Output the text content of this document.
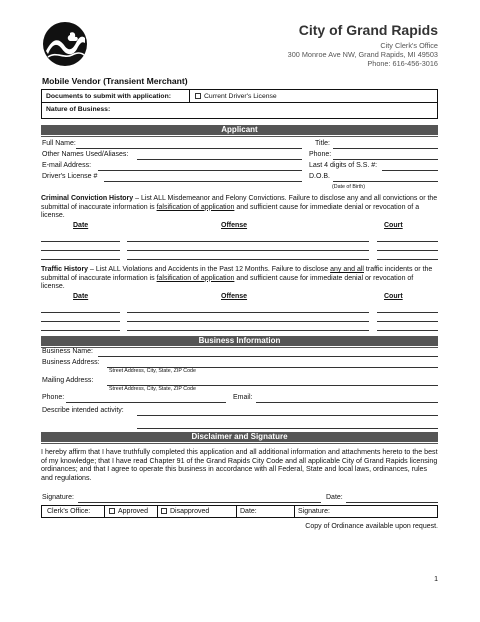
City of Grand Rapids
City Clerk's Office
300 Monroe Ave NW, Grand Rapids, MI 49503
Phone: 616-456-3016
Mobile Vendor (Transient Merchant)
Documents to submit with application:	Current Driver's License
Nature of Business:
Applicant
Full Name:	Title:
Other Names Used/Aliases:	Phone:
E-mail Address:	Last 4 digits of S.S. #:
Driver's License #	D.O.B.
(Date of Birth)
Criminal Conviction History – List ALL Misdemeanor and Felony Convictions. Failure to disclose any and all convictions or the submittal of inaccurate information is falsification of application and sufficient cause for immediate denial or revocation of a license.
Date	Offense	Court
Traffic History – List ALL Violations and Accidents in the Past 12 Months. Failure to disclose any and all traffic incidents or the submittal of inaccurate information is falsification of application and sufficient cause for immediate denial or revocation of license.
Date	Offense	Court
Business Information
Business Name:
Business Address:
Street Address, City, State, ZIP Code
Mailing Address:
Street Address, City, State, ZIP Code
Phone:	Email:
Describe intended activity:
Disclaimer and Signature
I hereby affirm that I have truthfully completed this application and all additional information and attachments hereto to the best of my knowledge; that I have read Chapter 91 of the Grand Rapids City Code and all applicable City of Grand Rapids licensing ordinances; and that I agree to operate this business in accordance with all Federal, State and local laws, ordinances, rules and regulations.
Signature:	Date:
Clerk's Office:	Approved	Disapproved	Date:	Signature:
Copy of Ordinance available upon request.
1
